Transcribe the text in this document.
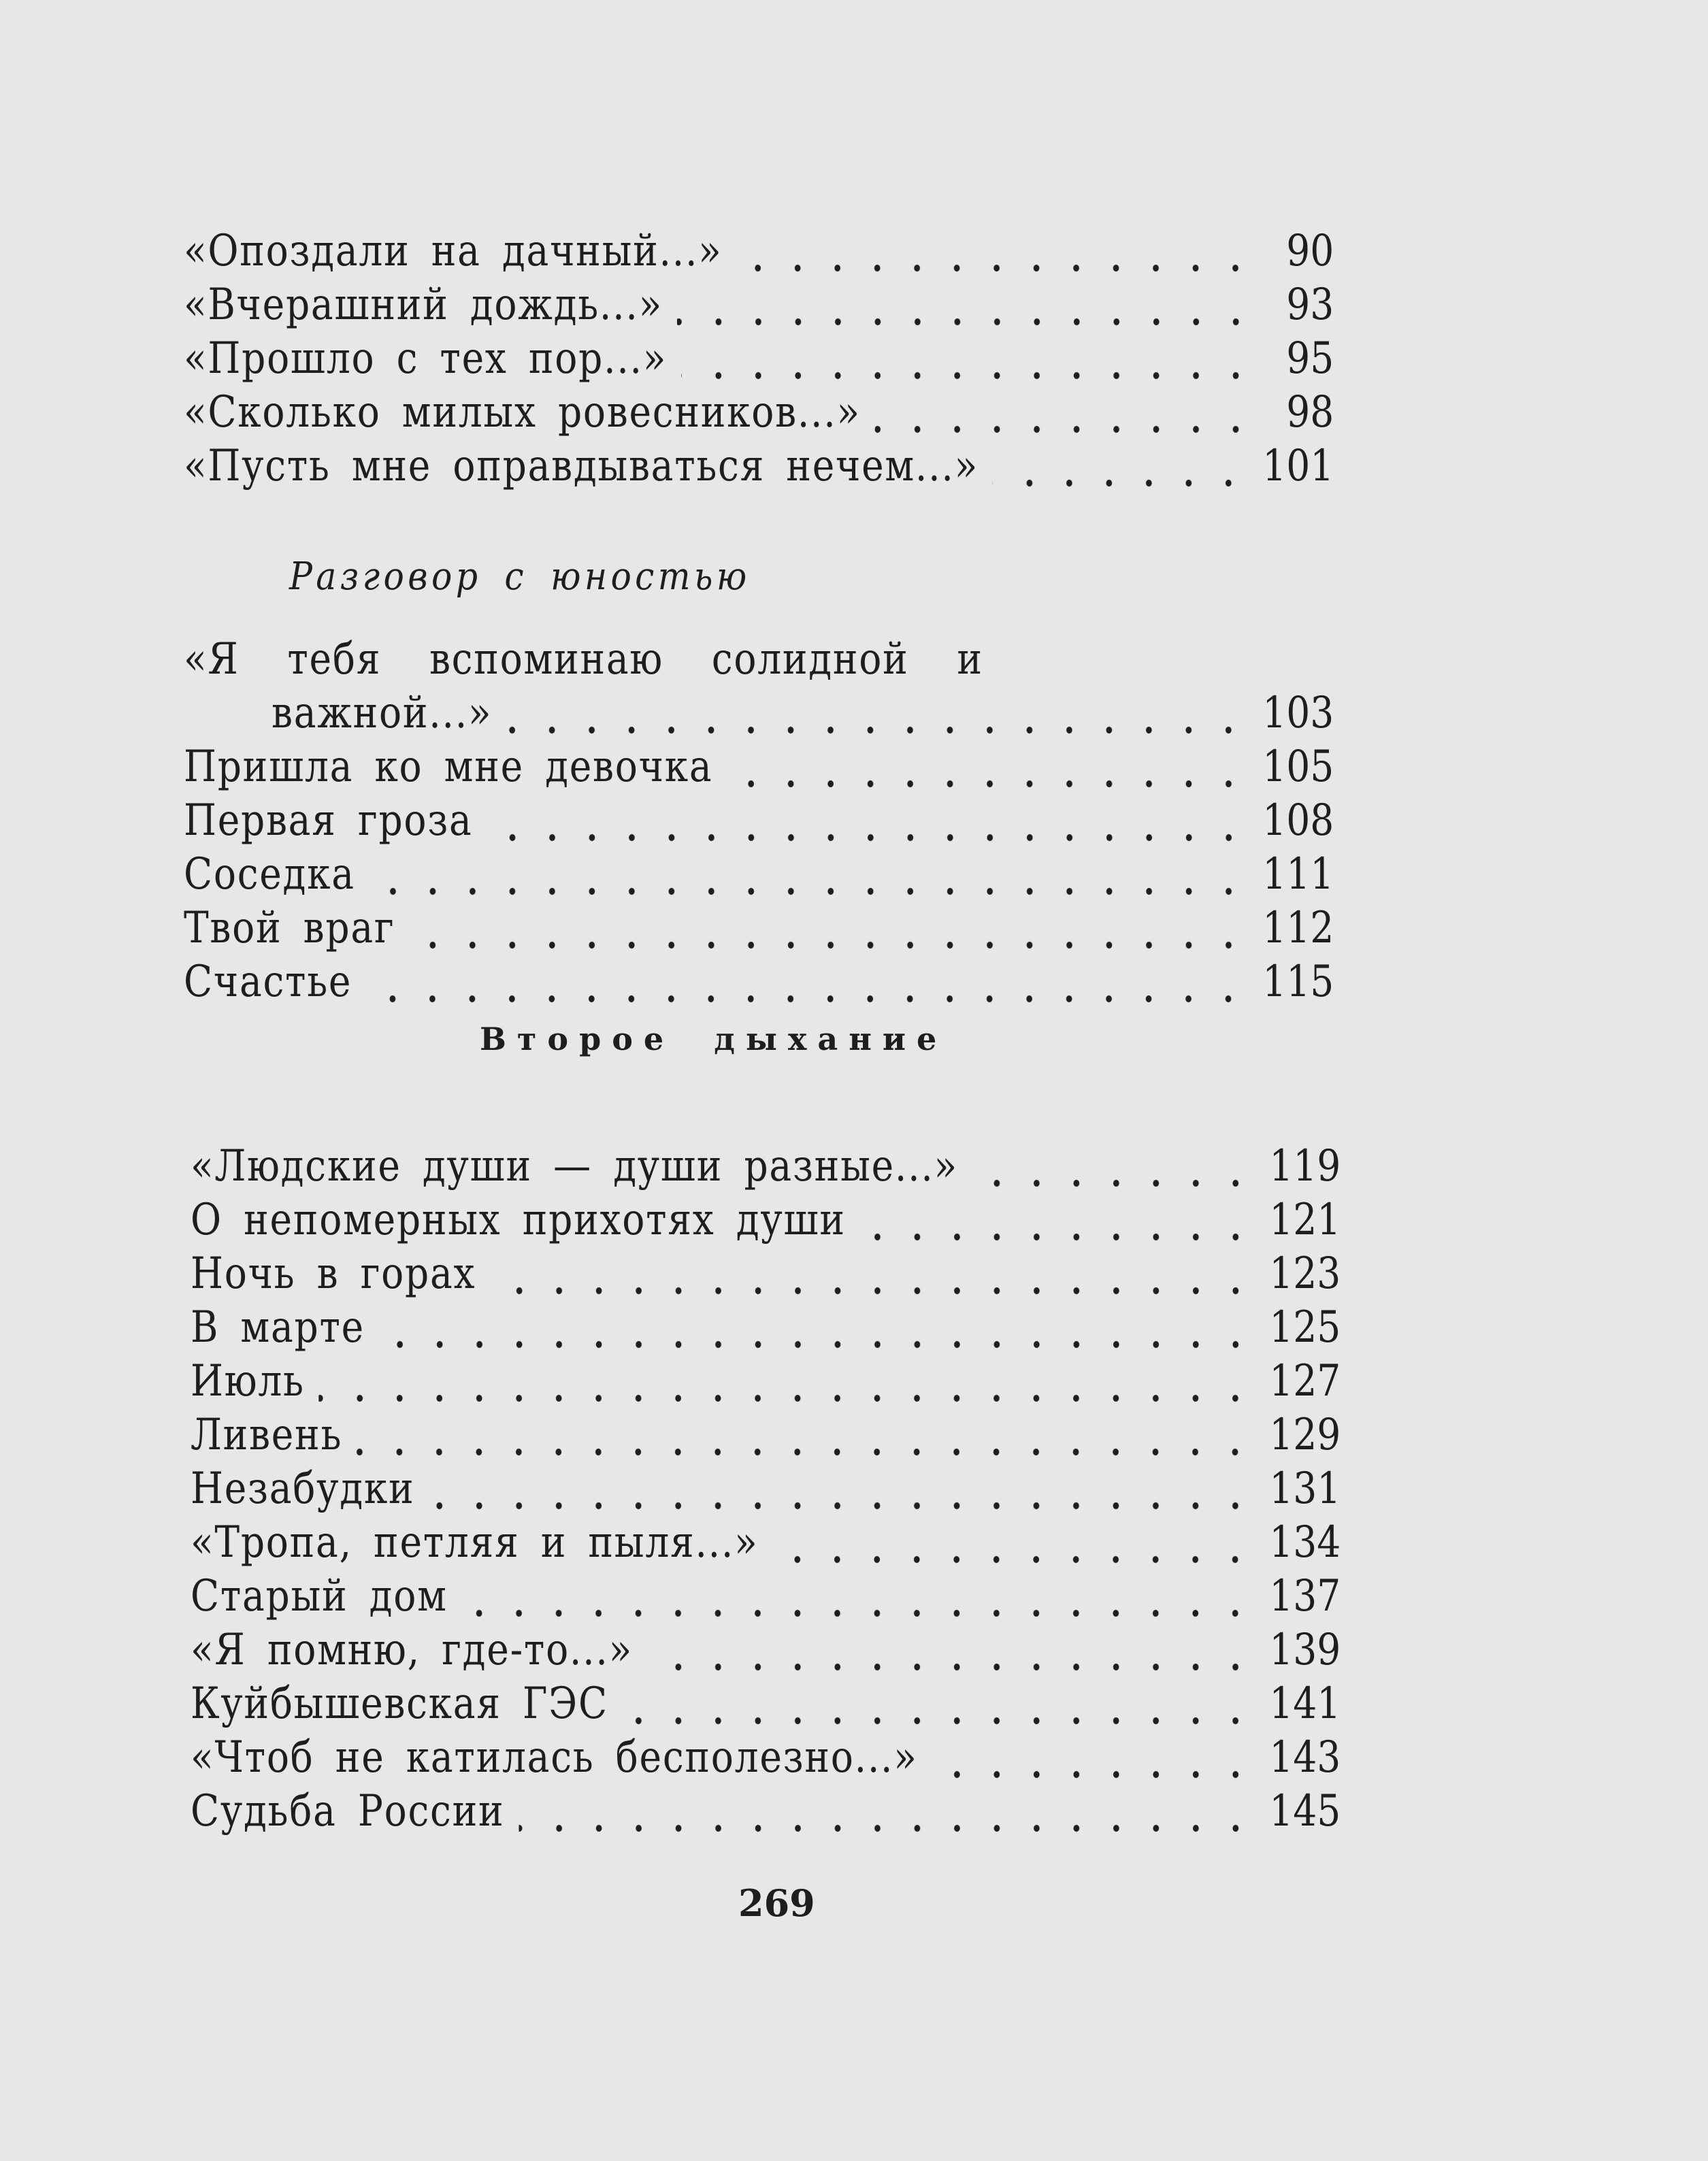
«Опоздали на дачный...»	90
«Вчерашний дождь...»	93
«Прошло с тех пор...»	95
«Сколько милых ровесников...»	98
«Пусть мне оправдываться нечем...»	101
Разговор с юностью
«Я тебя вспоминаю солидной и
важной...»	103
Пришла ко мне девочка	105
Первая гроза	108
Соседка	111
Твой враг	112
Счастье	115
Второе дыхание
«Людские души — души разные...»	119
О непомерных прихотях души	121
Ночь в горах	123
В марте	125
Июль	127
Ливень	129
Незабудки	131
«Тропа, петляя и пыля...»	134
Старый дом	137
«Я помню, где-то...»	139
Куйбышевская ГЭС	141
«Чтоб не катилась бесполезно...»	143
Судьба России	145
269
